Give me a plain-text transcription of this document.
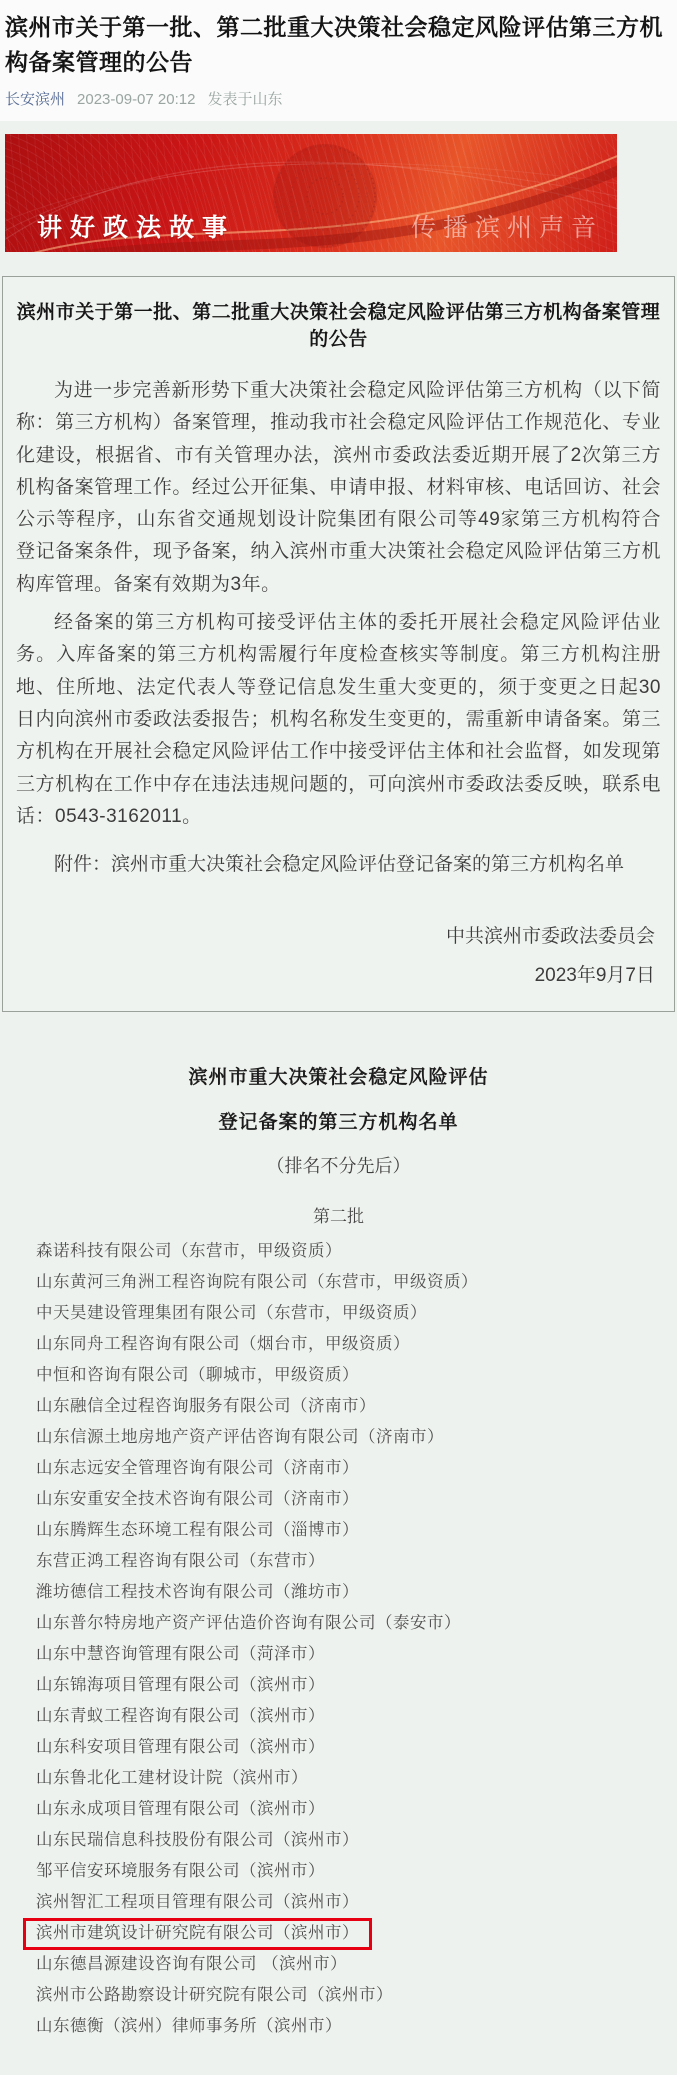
滨州市关于第一批、第二批重大决策社会稳定风险评估第三方机构备案管理的公告
长安滨州 2023-09-07 20:12 发表于山东
讲好政法故事	传播滨州声音
滨州市关于第一批、第二批重大决策社会稳定风险评估第三方机构备案管理的公告

为进一步完善新形势下重大决策社会稳定风险评估第三方机构（以下简称：第三方机构）备案管理，推动我市社会稳定风险评估工作规范化、专业化建设，根据省、市有关管理办法，滨州市委政法委近期开展了2次第三方机构备案管理工作。经过公开征集、申请申报、材料审核、电话回访、社会公示等程序，山东省交通规划设计院集团有限公司等49家第三方机构符合登记备案条件，现予备案，纳入滨州市重大决策社会稳定风险评估第三方机构库管理。备案有效期为3年。

经备案的第三方机构可接受评估主体的委托开展社会稳定风险评估业务。入库备案的第三方机构需履行年度检查核实等制度。第三方机构注册地、住所地、法定代表人等登记信息发生重大变更的，须于变更之日起30日内向滨州市委政法委报告；机构名称发生变更的，需重新申请备案。第三方机构在开展社会稳定风险评估工作中接受评估主体和社会监督，如发现第三方机构在工作中存在违法违规问题的，可向滨州市委政法委反映，联系电话：0543-3162011。

附件：滨州市重大决策社会稳定风险评估登记备案的第三方机构名单

中共滨州市委政法委员会
2023年9月7日
滨州市重大决策社会稳定风险评估
登记备案的第三方机构名单
（排名不分先后）
第二批
森诺科技有限公司（东营市，甲级资质）
山东黄河三角洲工程咨询院有限公司（东营市，甲级资质）
中天昊建设管理集团有限公司（东营市，甲级资质）
山东同舟工程咨询有限公司（烟台市，甲级资质）
中恒和咨询有限公司（聊城市，甲级资质）
山东融信全过程咨询服务有限公司（济南市）
山东信源土地房地产资产评估咨询有限公司（济南市）
山东志远安全管理咨询有限公司（济南市）
山东安重安全技术咨询有限公司（济南市）
山东腾辉生态环境工程有限公司（淄博市）
东营正鸿工程咨询有限公司（东营市）
潍坊德信工程技术咨询有限公司（潍坊市）
山东普尔特房地产资产评估造价咨询有限公司（泰安市）
山东中慧咨询管理有限公司（菏泽市）
山东锦海项目管理有限公司（滨州市）
山东青蚁工程咨询有限公司（滨州市）
山东科安项目管理有限公司（滨州市）
山东鲁北化工建材设计院（滨州市）
山东永成项目管理有限公司（滨州市）
山东民瑞信息科技股份有限公司（滨州市）
邹平信安环境服务有限公司（滨州市）
滨州智汇工程项目管理有限公司（滨州市）
滨州市建筑设计研究院有限公司（滨州市）
山东德昌源建设咨询有限公司 （滨州市）
滨州市公路勘察设计研究院有限公司（滨州市）
山东德衡（滨州）律师事务所（滨州市）
